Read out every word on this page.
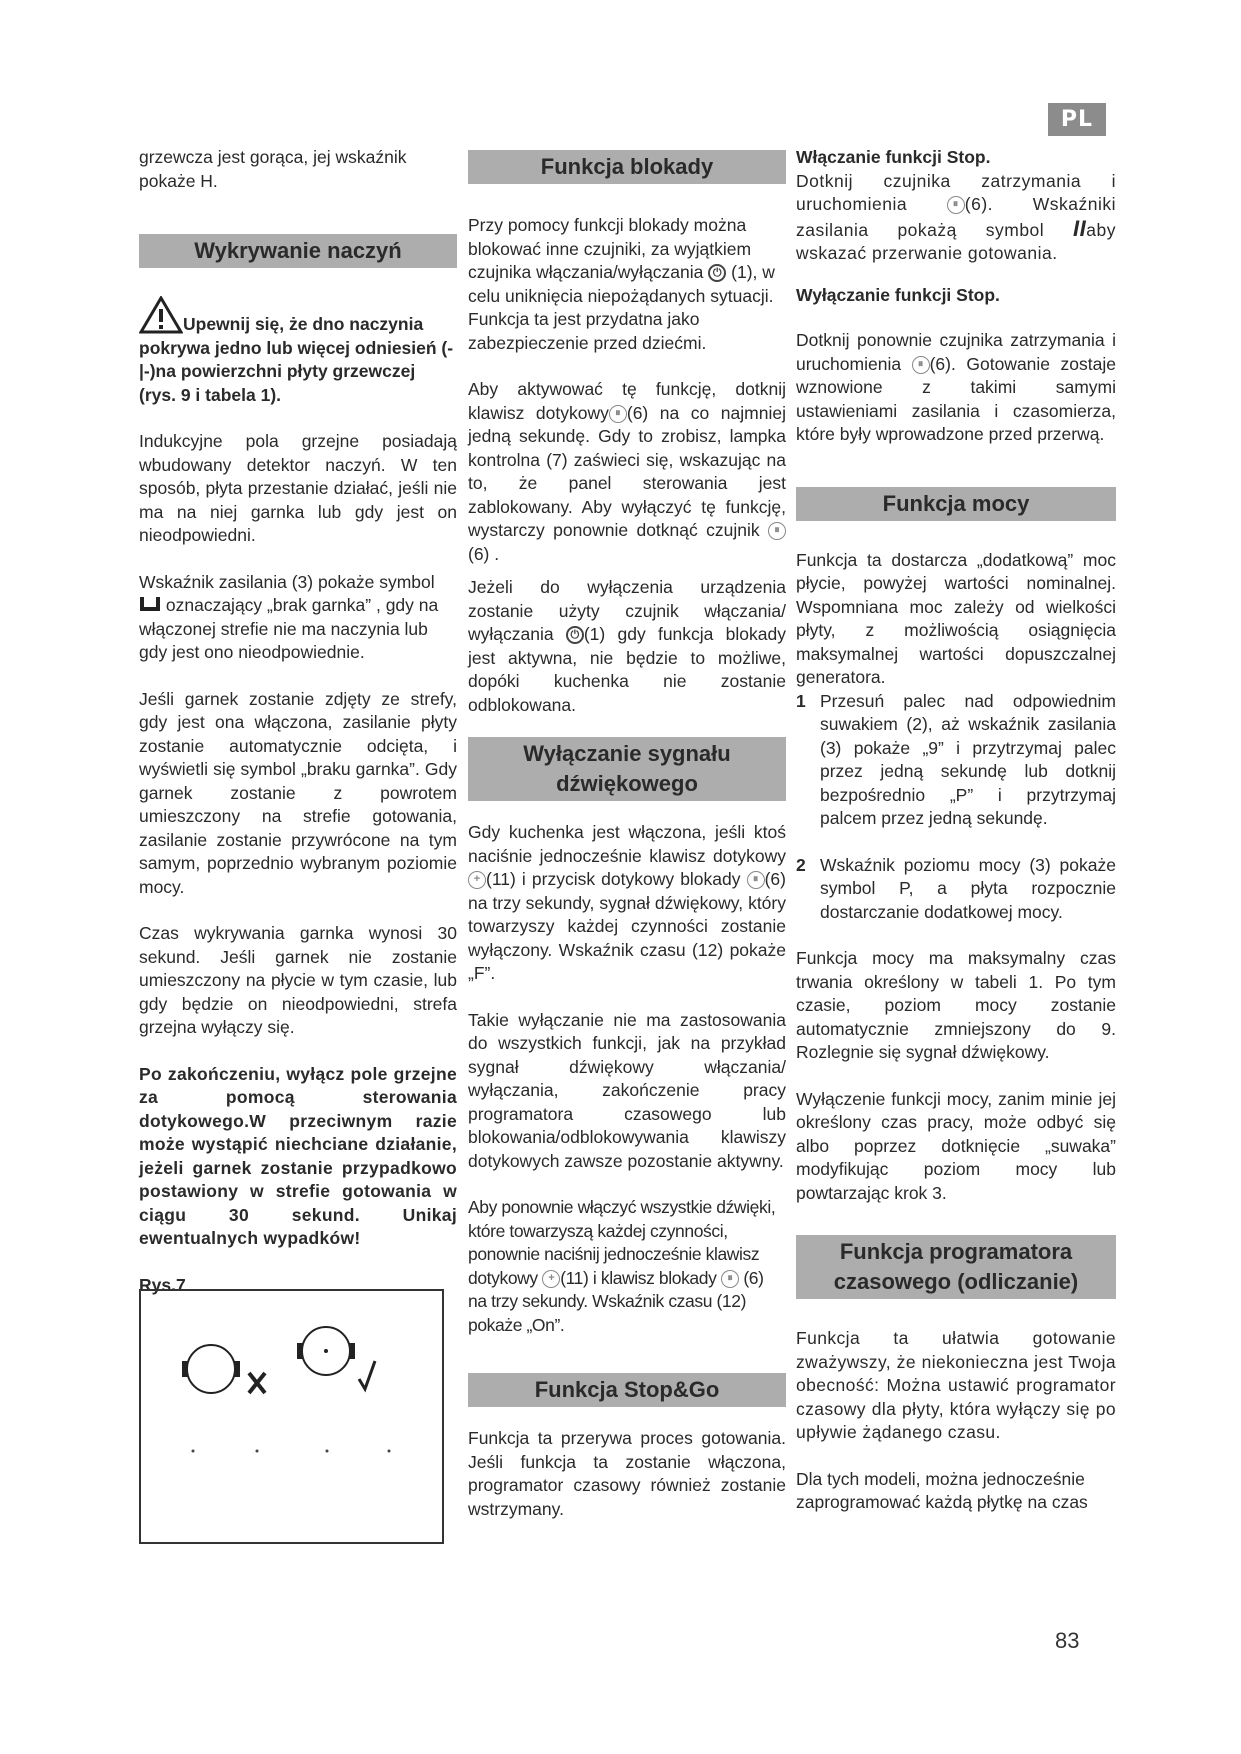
PL

grzewcza jest gorąca, jej wskaźnik pokaże H.

Wykrywanie naczyń
Upewnij się, że dno naczynia pokrywa jedno lub więcej odniesień (-|-)na powierzchni płyty grzewczej (rys. 9 i tabela 1).

Indukcyjne pola grzejne posiadają wbudowany detektor naczyń. W ten sposób, płyta przestanie działać, jeśli nie ma na niej garnka lub gdy jest on nieodpowiedni.

Wskaźnik zasilania (3) pokaże symbol
oznaczający „brak garnka” , gdy na włączonej strefie nie ma naczynia lub gdy jest ono nieodpowiednie.

Jeśli garnek zostanie zdjęty ze strefy, gdy jest ona włączona, zasilanie płyty zostanie automatycznie odcięta, i wyświetli się symbol „braku garnka”. Gdy garnek zostanie z powrotem umieszczony na strefie gotowania, zasilanie zostanie przywrócone na tym samym, poprzednio wybranym poziomie mocy.

Czas wykrywania garnka wynosi 30 sekund. Jeśli garnek nie zostanie umieszczony na płycie w tym czasie, lub gdy będzie on nieodpowiedni, strefa grzejna wyłączy się.

Po zakończeniu, wyłącz pole grzejne za pomocą sterowania dotykowego.W przeciwnym razie może wystąpić niechciane działanie, jeżeli garnek zostanie przypadkowo postawiony w strefie gotowania w ciągu 30 sekund. Unikaj ewentualnych wypadków!

Rys.7

Funkcja blokady

Przy pomocy funkcji blokady można blokować inne czujniki, za wyjątkiem czujnika włączania/wyłączania ⏻ (1), w celu uniknięcia niepożądanych sytuacji. Funkcja ta jest przydatna jako zabezpieczenie przed dziećmi.

Aby aktywować tę funkcję, dotknij klawisz dotykowy ⏸ (6) na co najmniej jedną sekundę. Gdy to zrobisz, lampka kontrolna (7) zaświeci się, wskazując na to, że panel sterowania jest zablokowany. Aby wyłączyć tę funkcję, wystarczy ponownie dotknąć czujnik ⏸(6) .

Jeżeli do wyłączenia urządzenia zostanie użyty czujnik włączania/ wyłączania ⏻ (1) gdy funkcja blokady jest aktywna, nie będzie to możliwe, dopóki kuchenka nie zostanie odblokowana.

Wyłączanie sygnału dźwiękowego

Gdy kuchenka jest włączona, jeśli ktoś naciśnie jednocześnie klawisz dotykowy + (11) i przycisk dotykowy blokady ⏸ (6) na trzy sekundy, sygnał dźwiękowy, który towarzyszy każdej czynności zostanie wyłączony. Wskaźnik czasu (12) pokaże „F”.

Takie wyłączanie nie ma zastosowania do wszystkich funkcji, jak na przykład sygnał dźwiękowy włączania/ wyłączania, zakończenie pracy programatora czasowego lub blokowania/odblokowywania klawiszy dotykowych zawsze pozostanie aktywny.

Aby ponownie włączyć wszystkie dźwięki, które towarzyszą każdej czynności, ponownie naciśnij jednocześnie klawisz dotykowy + (11) i klawisz blokady ⏸ (6) na trzy sekundy. Wskaźnik czasu (12) pokaże „On”.

Funkcja Stop&Go

Funkcja ta przerywa proces gotowania. Jeśli funkcja ta zostanie włączona, programator czasowy również zostanie wstrzymany.

Włączanie funkcji Stop.

Dotknij czujnika zatrzymania i uruchomienia	⏸ (6). Wskaźniki zasilania pokażą symbol IIaby wskazać przerwanie gotowania.

Wyłączanie funkcji Stop.

Dotknij ponownie czujnika zatrzymania i uruchomienia ⏸ (6). Gotowanie zostaje wznowione z takimi samymi ustawieniami zasilania i czasomierza, które były wprowadzone przed przerwą.

Funkcja mocy

Funkcja ta dostarcza „dodatkową” moc płycie, powyżej wartości nominalnej. Wspomniana moc zależy od wielkości płyty, z możliwością osiągnięcia maksymalnej wartości dopuszczalnej generatora.

1 Przesuń palec nad odpowiednim suwakiem (2), aż wskaźnik zasilania (3) pokaże „9” i przytrzymaj palec przez jedną sekundę lub dotknij bezpośrednio „P” i przytrzymaj palcem przez jedną sekundę.
2 Wskaźnik poziomu mocy (3) pokaże symbol P, a płyta rozpocznie dostarczanie dodatkowej mocy.

Funkcja mocy ma maksymalny czas trwania określony w tabeli 1. Po tym czasie, poziom mocy zostanie automatycznie zmniejszony do 9. Rozlegnie się sygnał dźwiękowy.

Wyłączenie funkcji mocy, zanim minie jej określony czas pracy, może odbyć się albo poprzez dotknięcie „suwaka” modyfikując poziom mocy lub powtarzając krok 3.

Funkcja programatora czasowego (odliczanie)

Funkcja ta ułatwia gotowanie zważywszy, że niekonieczna jest Twoja obecność: Można ustawić programator czasowy dla płyty, która wyłączy się po upływie żądanego czasu.

Dla tych modeli, można jednocześnie zaprogramować każdą płytkę na czas

83
